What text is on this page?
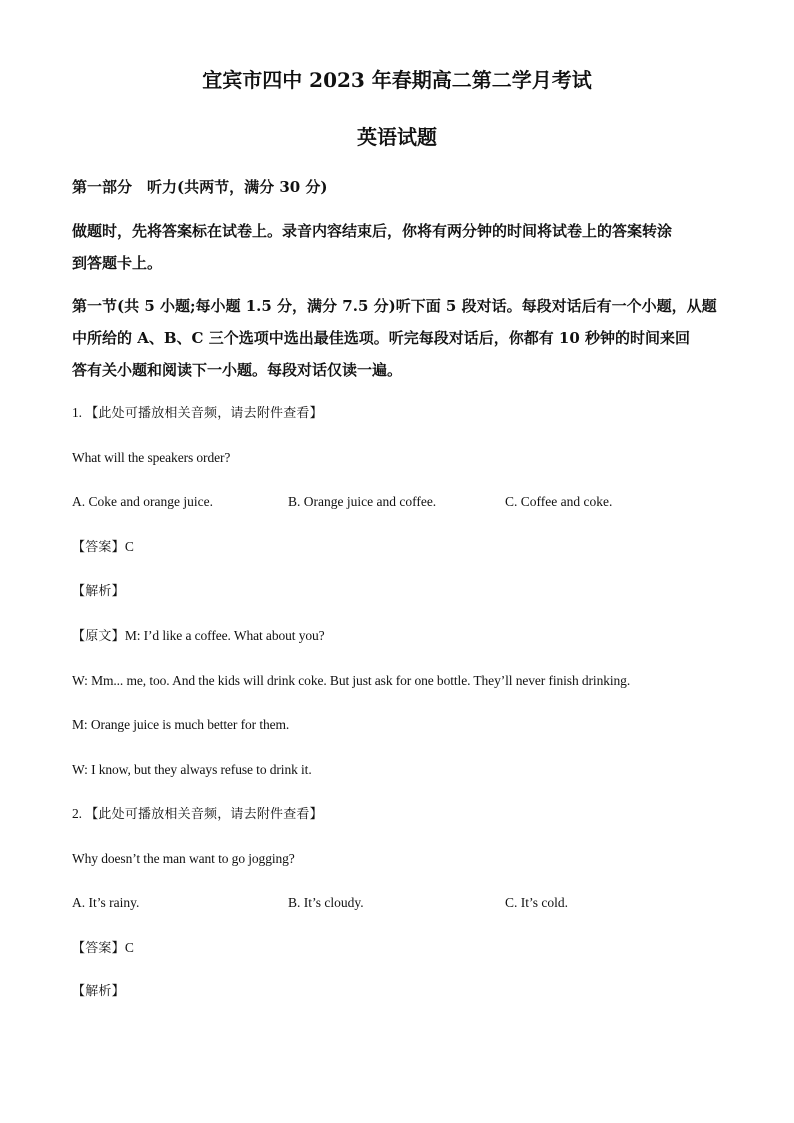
宜宾市四中 2023 年春期高二第二学月考试
英语试题
第一部分　听力(共两节，满分 30 分)
做题时，先将答案标在试卷上。录音内容结束后，你将有两分钟的时间将试卷上的答案转涂
到答题卡上。
第一节(共 5 小题;每小题 1.5 分，满分 7.5 分)听下面 5 段对话。每段对话后有一个小题，从题
中所给的 A、B、C 三个选项中选出最佳选项。听完每段对话后，你都有 10 秒钟的时间来回
答有关小题和阅读下一小题。每段对话仅读一遍。
1. 【此处可播放相关音频，请去附件查看】
What will the speakers order?
A. Coke and orange juice.	B. Orange juice and coffee.	C. Coffee and coke.
【答案】C
【解析】
【原文】M: I’d like a coffee. What about you?
W: Mm... me, too. And the kids will drink coke. But just ask for one bottle. They’ll never finish drinking.
M: Orange juice is much better for them.
W: I know, but they always refuse to drink it.
2. 【此处可播放相关音频，请去附件查看】
Why doesn’t the man want to go jogging?
A. It’s rainy.	B. It’s cloudy.	C. It’s cold.
【答案】C
【解析】
